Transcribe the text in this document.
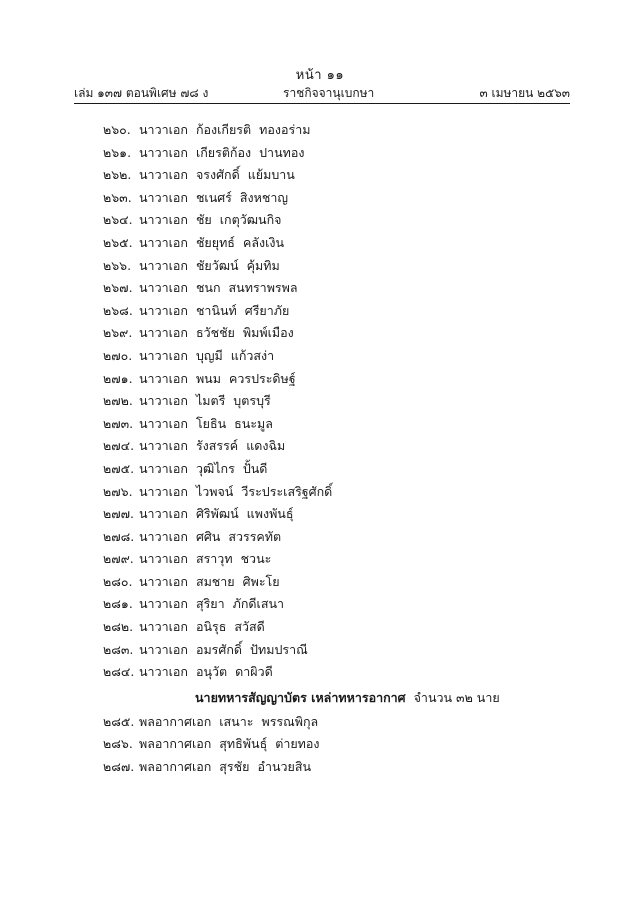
หน้า ๑๑
เล่ม ๑๓๗ ตอนพิเศษ ๗๘ ง	ราชกิจจานุเบกษา	๓ เมษายน ๒๕๖๓
๒๖๐. นาวาเอก ก้องเกียรติ ทองอร่าม
๒๖๑. นาวาเอก เกียรติก้อง ปานทอง
๒๖๒. นาวาเอก จรงศักดิ์ แย้มบาน
๒๖๓. นาวาเอก ชเนศร์ สิงหชาญ
๒๖๔. นาวาเอก ชัย เกตุวัฒนกิจ
๒๖๕. นาวาเอก ชัยยุทธ์ คลังเงิน
๒๖๖. นาวาเอก ชัยวัฒน์ คุ้มทิม
๒๖๗. นาวาเอก ชนก สนทราพรพล
๒๖๘. นาวาเอก ชานินท์ ศรียาภัย
๒๖๙. นาวาเอก ธวัชชัย พิมพ์เมือง
๒๗๐. นาวาเอก บุญมี แก้วสง่า
๒๗๑. นาวาเอก พนม ควรประดิษฐ์
๒๗๒. นาวาเอก ไมตรี บุตรบุรี
๒๗๓. นาวาเอก โยธิน ธนะมูล
๒๗๔. นาวาเอก รังสรรค์ แดงฉิม
๒๗๕. นาวาเอก วุฒิไกร ปั้นดี
๒๗๖. นาวาเอก ไวพจน์ วีระประเสริฐศักดิ์
๒๗๗. นาวาเอก ศิริพัฒน์ แพงพันธุ์
๒๗๘. นาวาเอก ศศิน สวรรคทัต
๒๗๙. นาวาเอก สราวุท ชวนะ
๒๘๐. นาวาเอก สมชาย ศิพะโย
๒๘๑. นาวาเอก สุริยา ภักดีเสนา
๒๘๒. นาวาเอก อนิรุธ สวัสดี
๒๘๓. นาวาเอก อมรศักดิ์ ปัทมปราณี
๒๘๔. นาวาเอก อนุวัต ดาผิวดี
นายทหารสัญญาบัตร เหล่าทหารอากาศ จำนวน ๓๒ นาย
๒๘๕. พลอากาศเอก เสนาะ พรรณพิกุล
๒๘๖. พลอากาศเอก สุทธิพันธุ์ ต่ายทอง
๒๘๗. พลอากาศเอก สุรชัย อำนวยสิน
